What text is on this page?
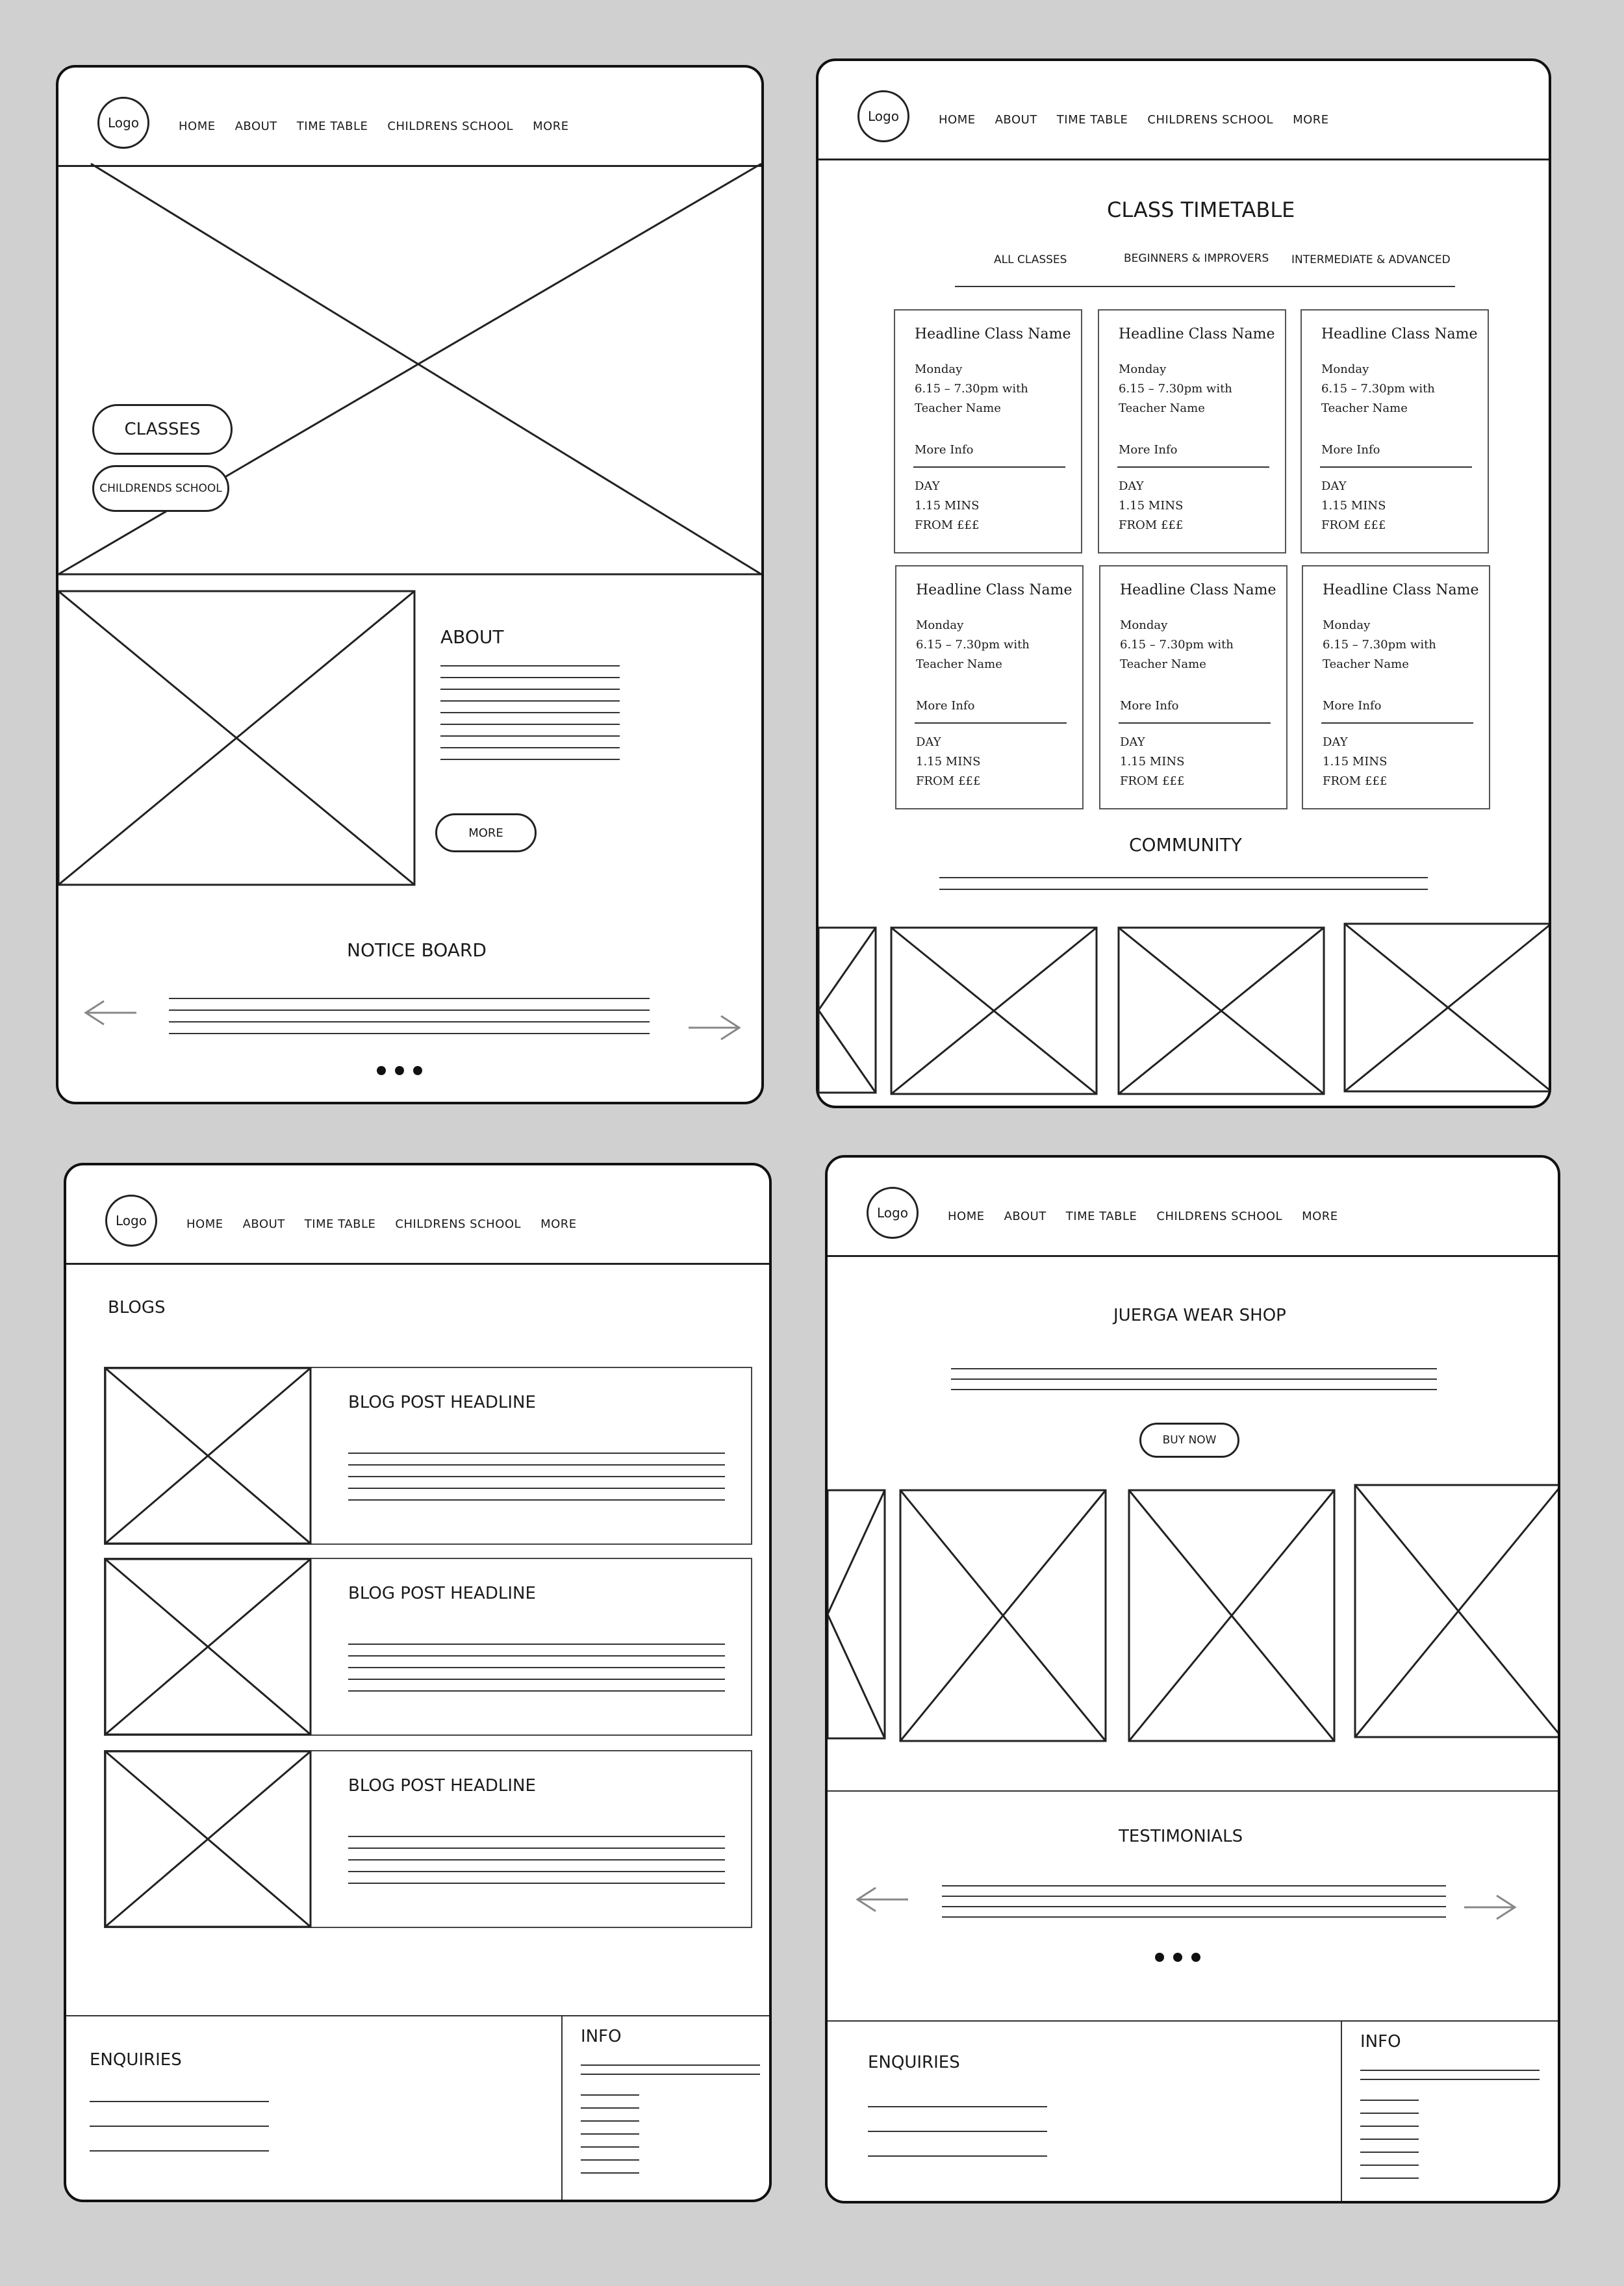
Logo	HOME ABOUT TIME TABLE CHILDRENS SCHOOL MORE
CLASSES
CHILDRENDS SCHOOL
ABOUT
MORE
NOTICE BOARD
Logo	HOME ABOUT TIME TABLE CHILDRENS SCHOOL MORE
CLASS TIMETABLE
ALL CLASSES	BEGINNERS & IMPROVERS INTERMEDIATE & ADVANCED
Headline Class Name
Monday
6.15 – 7.30pm with
Teacher Name
More Info
DAY
1.15 MINS
FROM £££
Headline Class Name
Monday
6.15 – 7.30pm with
Teacher Name
More Info
DAY
1.15 MINS
FROM £££
Headline Class Name
Monday
6.15 – 7.30pm with
Teacher Name
More Info
DAY
1.15 MINS
FROM £££
Headline Class Name
Monday
6.15 – 7.30pm with
Teacher Name
More Info
DAY
1.15 MINS
FROM £££
Headline Class Name
Monday
6.15 – 7.30pm with
Teacher Name
More Info
DAY
1.15 MINS
FROM £££
Headline Class Name
Monday
6.15 – 7.30pm with
Teacher Name
More Info
DAY
1.15 MINS
FROM £££
COMMUNITY
Logo	HOME ABOUT TIME TABLE CHILDRENS SCHOOL MORE
BLOGS
BLOG POST HEADLINE
BLOG POST HEADLINE
BLOG POST HEADLINE
ENQUIRIES
INFO
Logo	HOME ABOUT TIME TABLE CHILDRENS SCHOOL MORE
JUERGA WEAR SHOP
BUY NOW
TESTIMONIALS
ENQUIRIES
INFO
